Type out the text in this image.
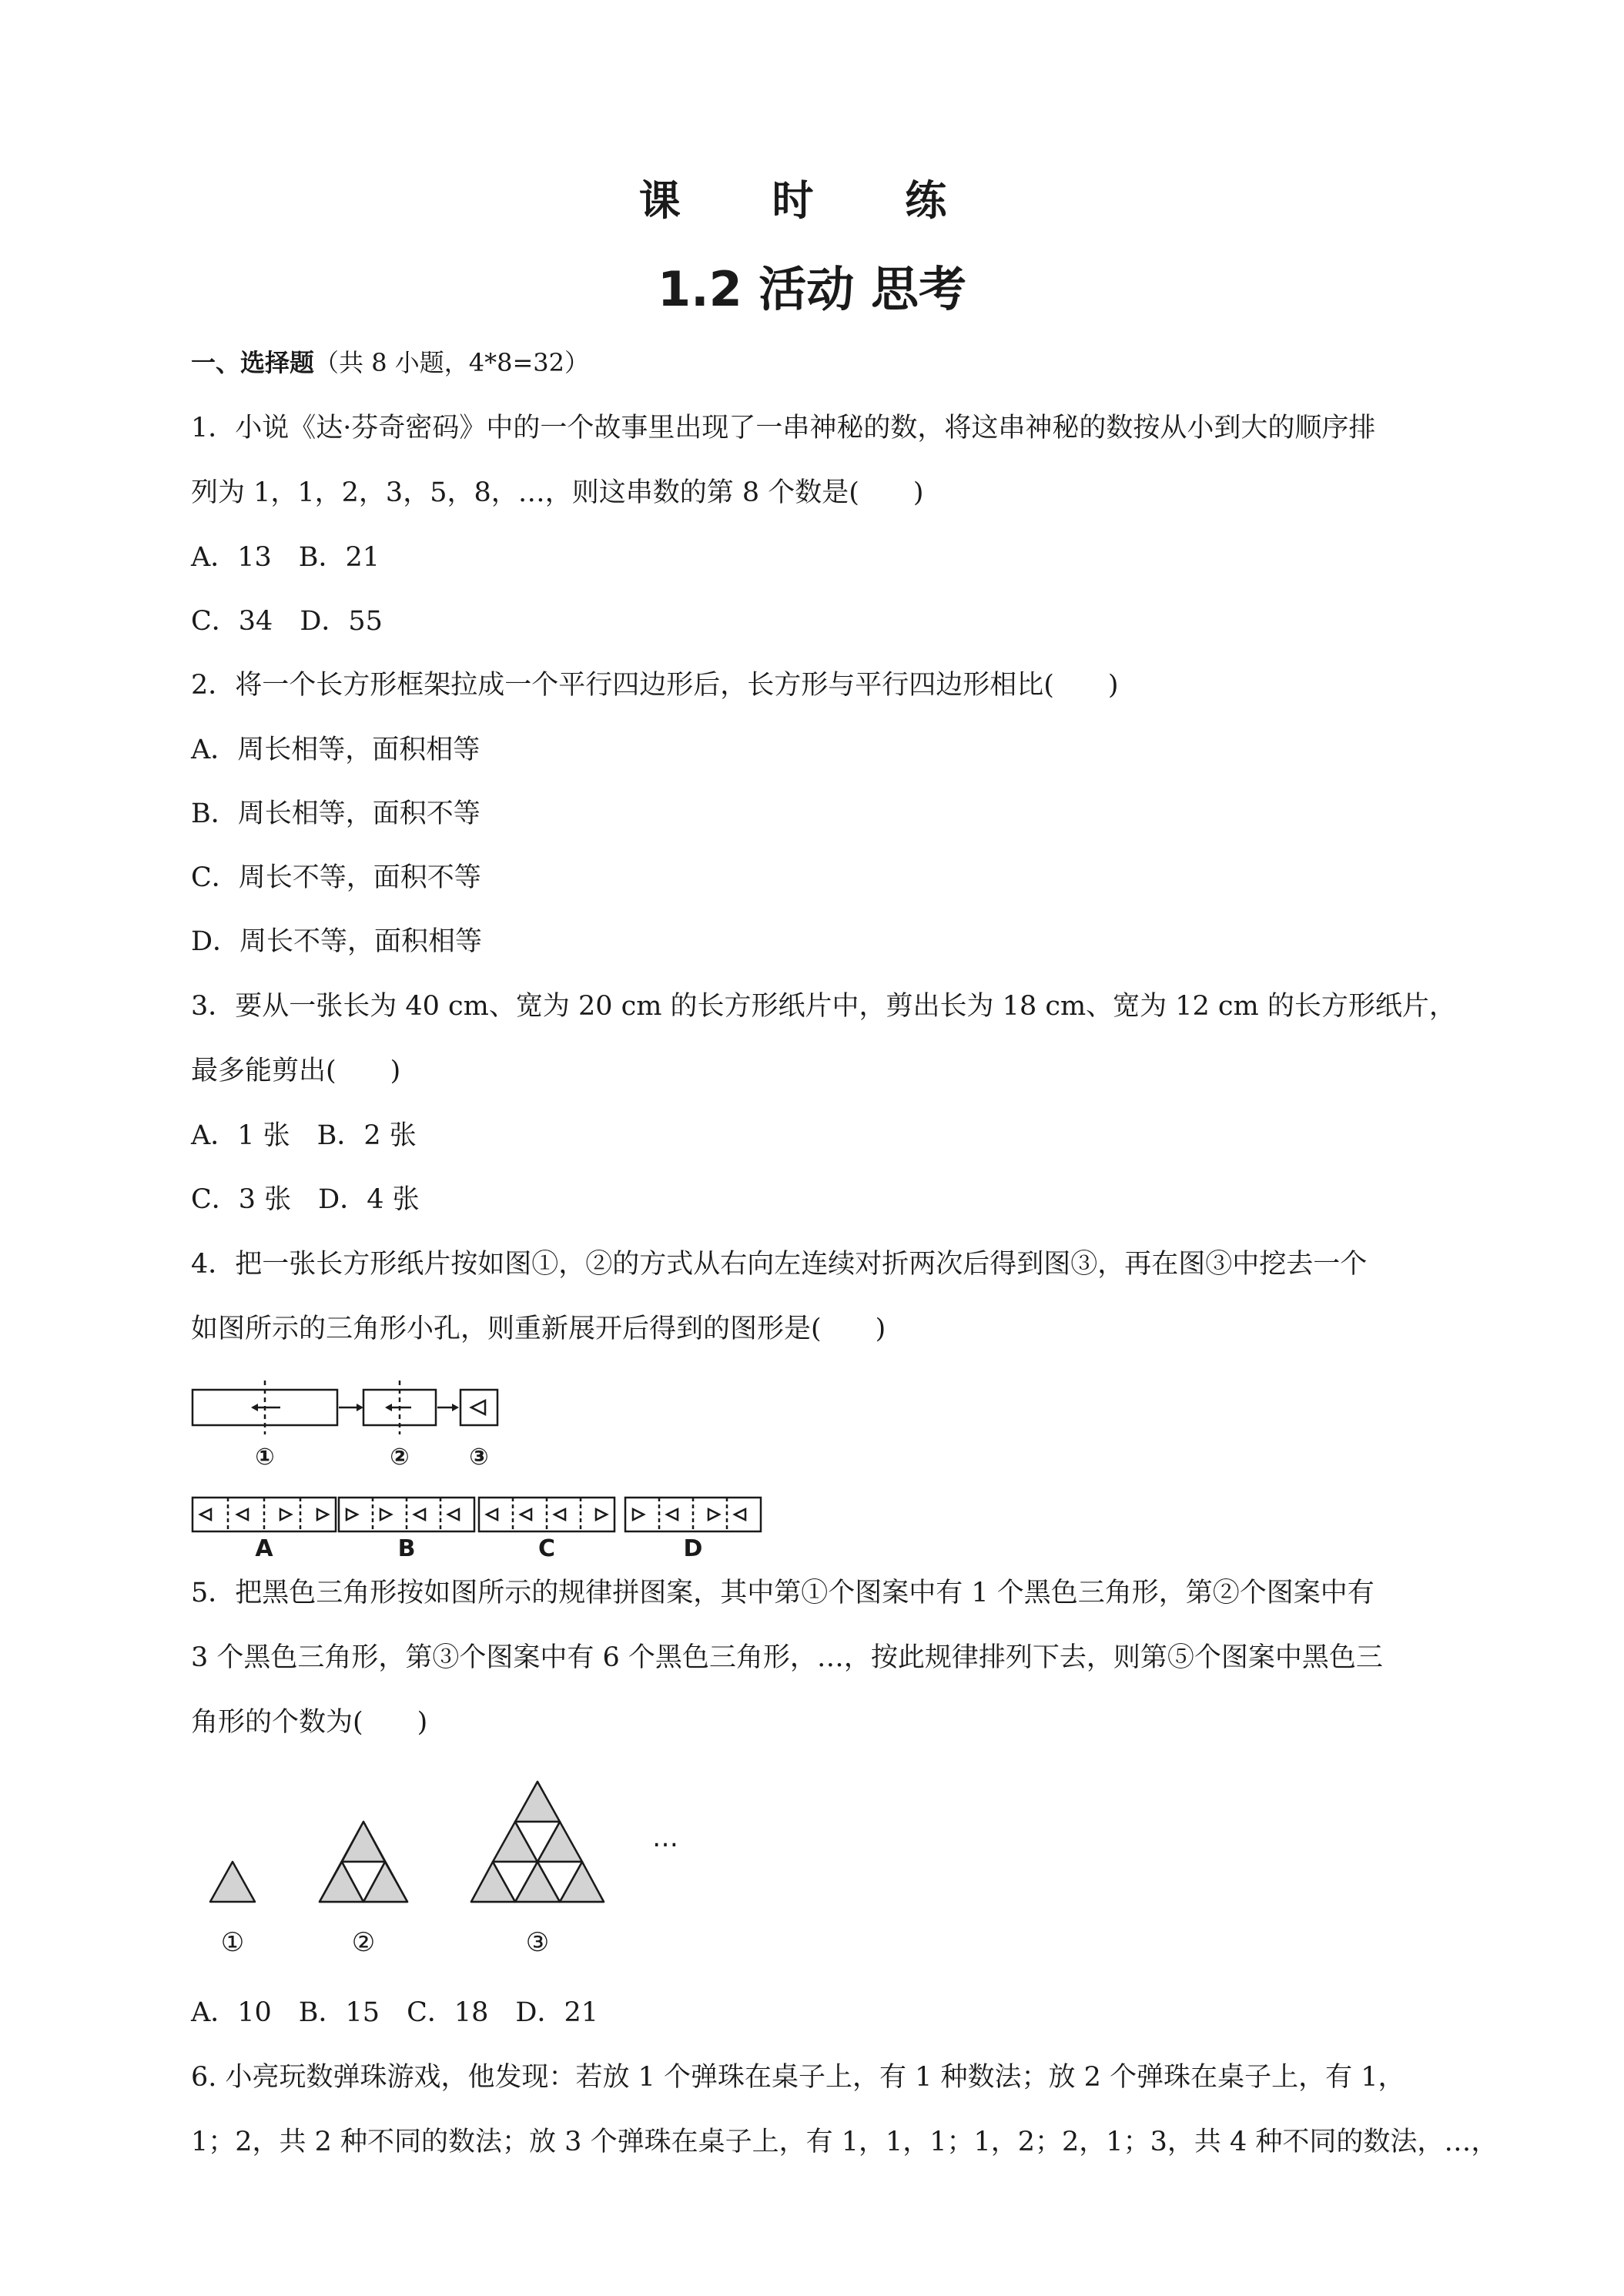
课 时 练
1.2 活动 思考
一、选择题（共 8 小题，4*8=32）
1．小说《达·芬奇密码》中的一个故事里出现了一串神秘的数，将这串神秘的数按从小到大的顺序排
列为 1，1，2，3，5，8，…，则这串数的第 8 个数是(　　)
A．13　B．21
C．34　D．55
2．将一个长方形框架拉成一个平行四边形后，长方形与平行四边形相比(　　)
A．周长相等，面积相等
B．周长相等，面积不等
C．周长不等，面积不等
D．周长不等，面积相等
3．要从一张长为 40 cm、宽为 20 cm 的长方形纸片中，剪出长为 18 cm、宽为 12 cm 的长方形纸片，
最多能剪出(　　)
A．1 张　B．2 张
C．3 张　D．4 张
4．把一张长方形纸片按如图①，②的方式从右向左连续对折两次后得到图③，再在图③中挖去一个
如图所示的三角形小孔，则重新展开后得到的图形是(　　)
①	②	③
A	B	C	D
5．把黑色三角形按如图所示的规律拼图案，其中第①个图案中有 1 个黑色三角形，第②个图案中有
3 个黑色三角形，第③个图案中有 6 个黑色三角形，…，按此规律排列下去，则第⑤个图案中黑色三
角形的个数为(　　)
①	②	③
…
A．10　B．15　C．18　D．21
6. 小亮玩数弹珠游戏，他发现：若放 1 个弹珠在桌子上，有 1 种数法；放 2 个弹珠在桌子上，有 1，
1；2，共 2 种不同的数法；放 3 个弹珠在桌子上，有 1，1，1；1，2；2，1；3，共 4 种不同的数法，…，
